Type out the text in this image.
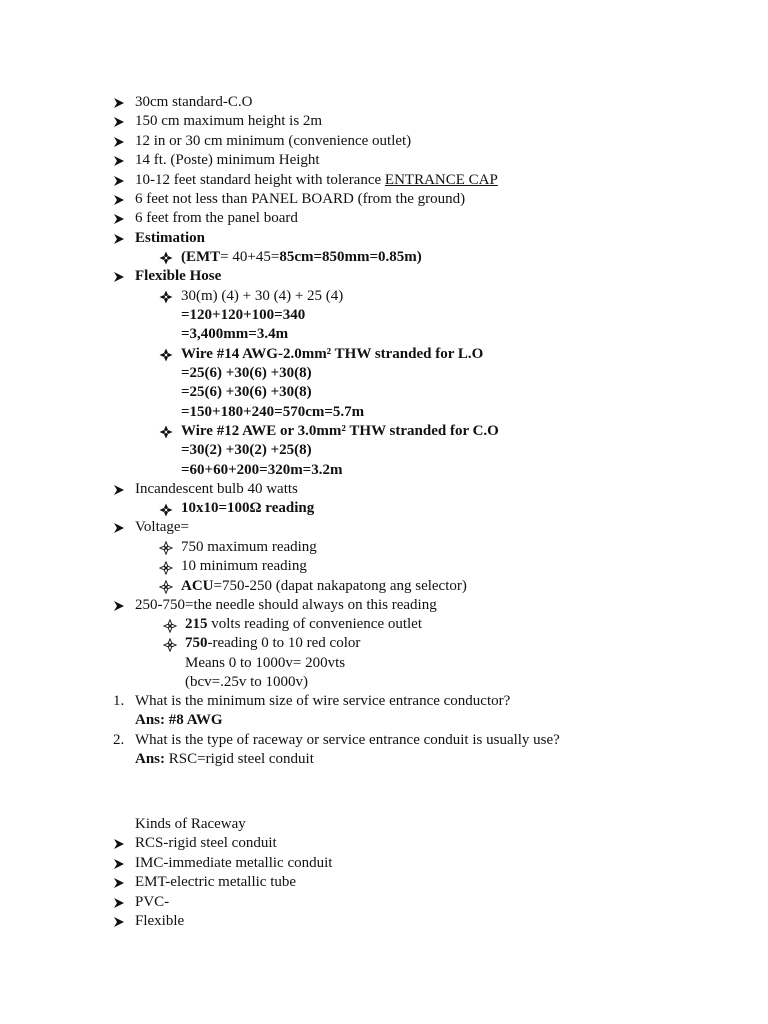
30cm standard-C.O
150 cm maximum height is 2m
12 in or 30 cm minimum (convenience outlet)
14 ft. (Poste) minimum Height
10-12 feet standard height with tolerance ENTRANCE CAP
6 feet not less than PANEL BOARD (from the ground)
6 feet from the panel board
Estimation
(EMT= 40+45=85cm=850mm=0.85m)
Flexible Hose
30(m) (4) + 30 (4) + 25 (4)
=120+120+100=340
=3,400mm=3.4m
Wire #14 AWG-2.0mm² THW stranded for L.O
=25(6) +30(6) +30(8)
=25(6) +30(6) +30(8)
=150+180+240=570cm=5.7m
Wire #12 AWE or 3.0mm² THW stranded for C.O
=30(2) +30(2) +25(8)
=60+60+200=320m=3.2m
Incandescent bulb 40 watts
10x10=100Ω reading
Voltage=
750 maximum reading
10 minimum reading
ACU=750-250 (dapat nakapatong ang selector)
250-750=the needle should always on this reading
215 volts reading of convenience outlet
750-reading 0 to 10 red color
Means 0 to 1000v= 200vts
(bcv=.25v to 1000v)
1. What is the minimum size of wire service entrance conductor?
Ans: #8 AWG
2. What is the type of raceway or service entrance conduit is usually use?
Ans: RSC=rigid steel conduit
Kinds of Raceway
RCS-rigid steel conduit
IMC-immediate metallic conduit
EMT-electric metallic tube
PVC-
Flexible
